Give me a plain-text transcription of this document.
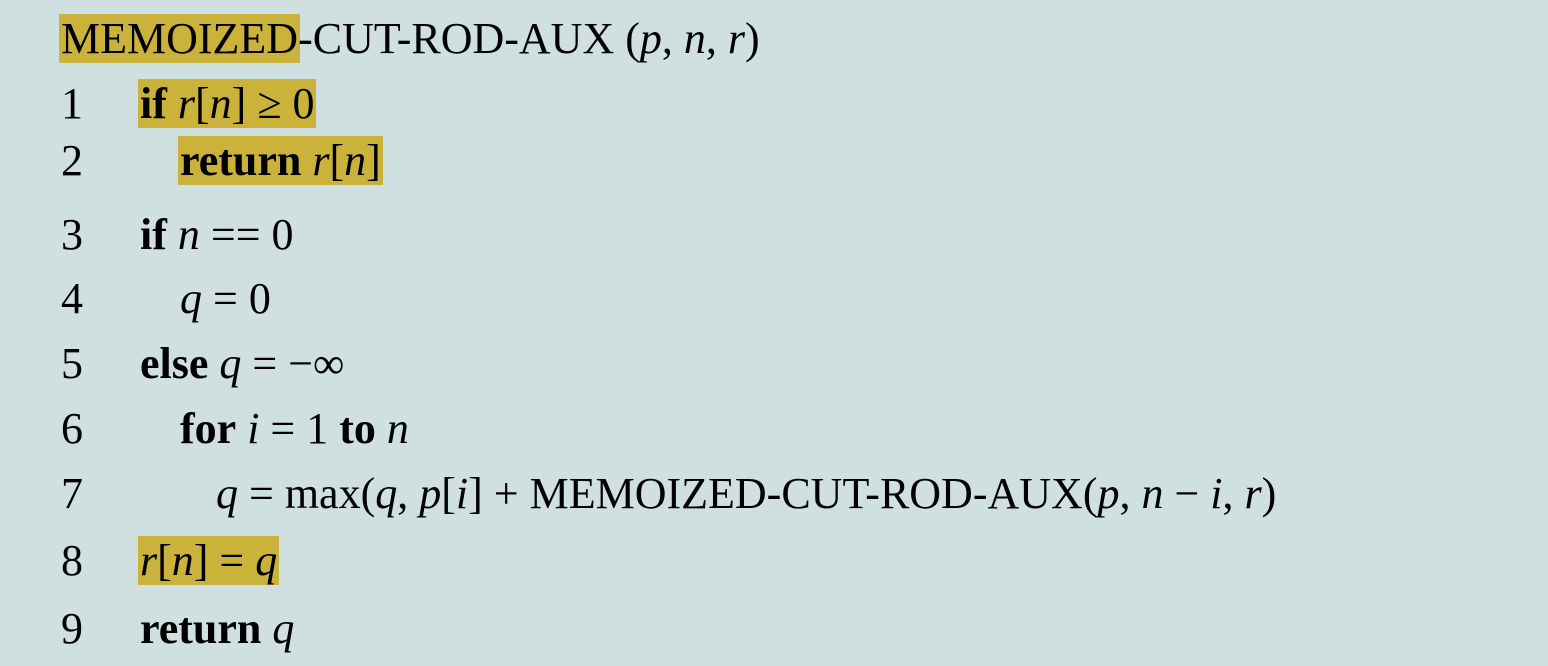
MEMOIZED-CUT-ROD-AUX (p, n, r)
1	if r[n] ≥ 0
2	return r[n]
3	if n == 0
4	q = 0
5	else q = −∞
6	for i = 1 to n
7	q = max(q, p[i] + MEMOIZED-CUT-ROD-AUX(p, n − i, r)
8	r[n] = q
9	return q
